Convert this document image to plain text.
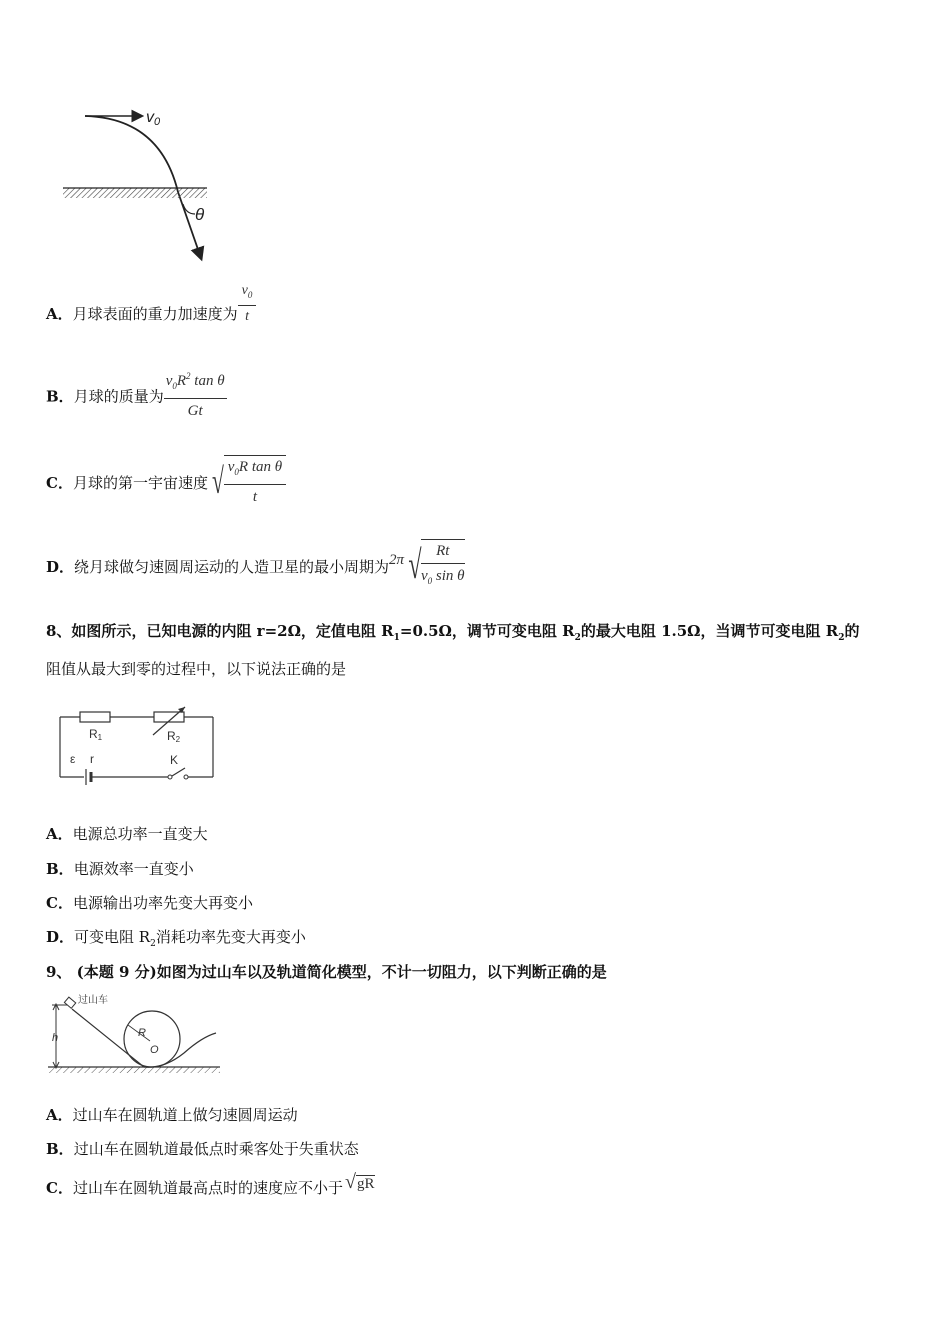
v0
θ
A．月球表面的重力加速度为 $\frac{v_0}{t}$
B．月球的质量为 $\frac{v_0R^2 \tan \theta}{Gt}$
C．月球的第一宇宙速度 √ $\frac{v_0R \tan \theta}{t}$
D．绕月球做匀速圆周运动的人造卫星的最小周期为2π √ $\frac{Rt}{v_0 \sin \theta}$
8、如图所示，已知电源的内阻 r=2Ω，定值电阻 $R_1=0.5\Omega$，调节可变电阻 $R_2$的最大电阻 1.5Ω，当调节可变电阻 $R_2$的
阻值从最大到零的过程中，以下说法正确的是
R1	R2
ε r	K
A．电源总功率一直变大
B．电源效率一直变小
C．电源输出功率先变大再变小
D．可变电阻 $R_2$消耗功率先变大再变小
9、 (本题 9 分)如图为过山车以及轨道简化模型，不计一切阻力，以下判断正确的是
h
过山车
R
O
A．过山车在圆轨道上做匀速圆周运动
B．过山车在圆轨道最低点时乘客处于失重状态
C．过山车在圆轨道最高点时的速度应不小于 √gR
